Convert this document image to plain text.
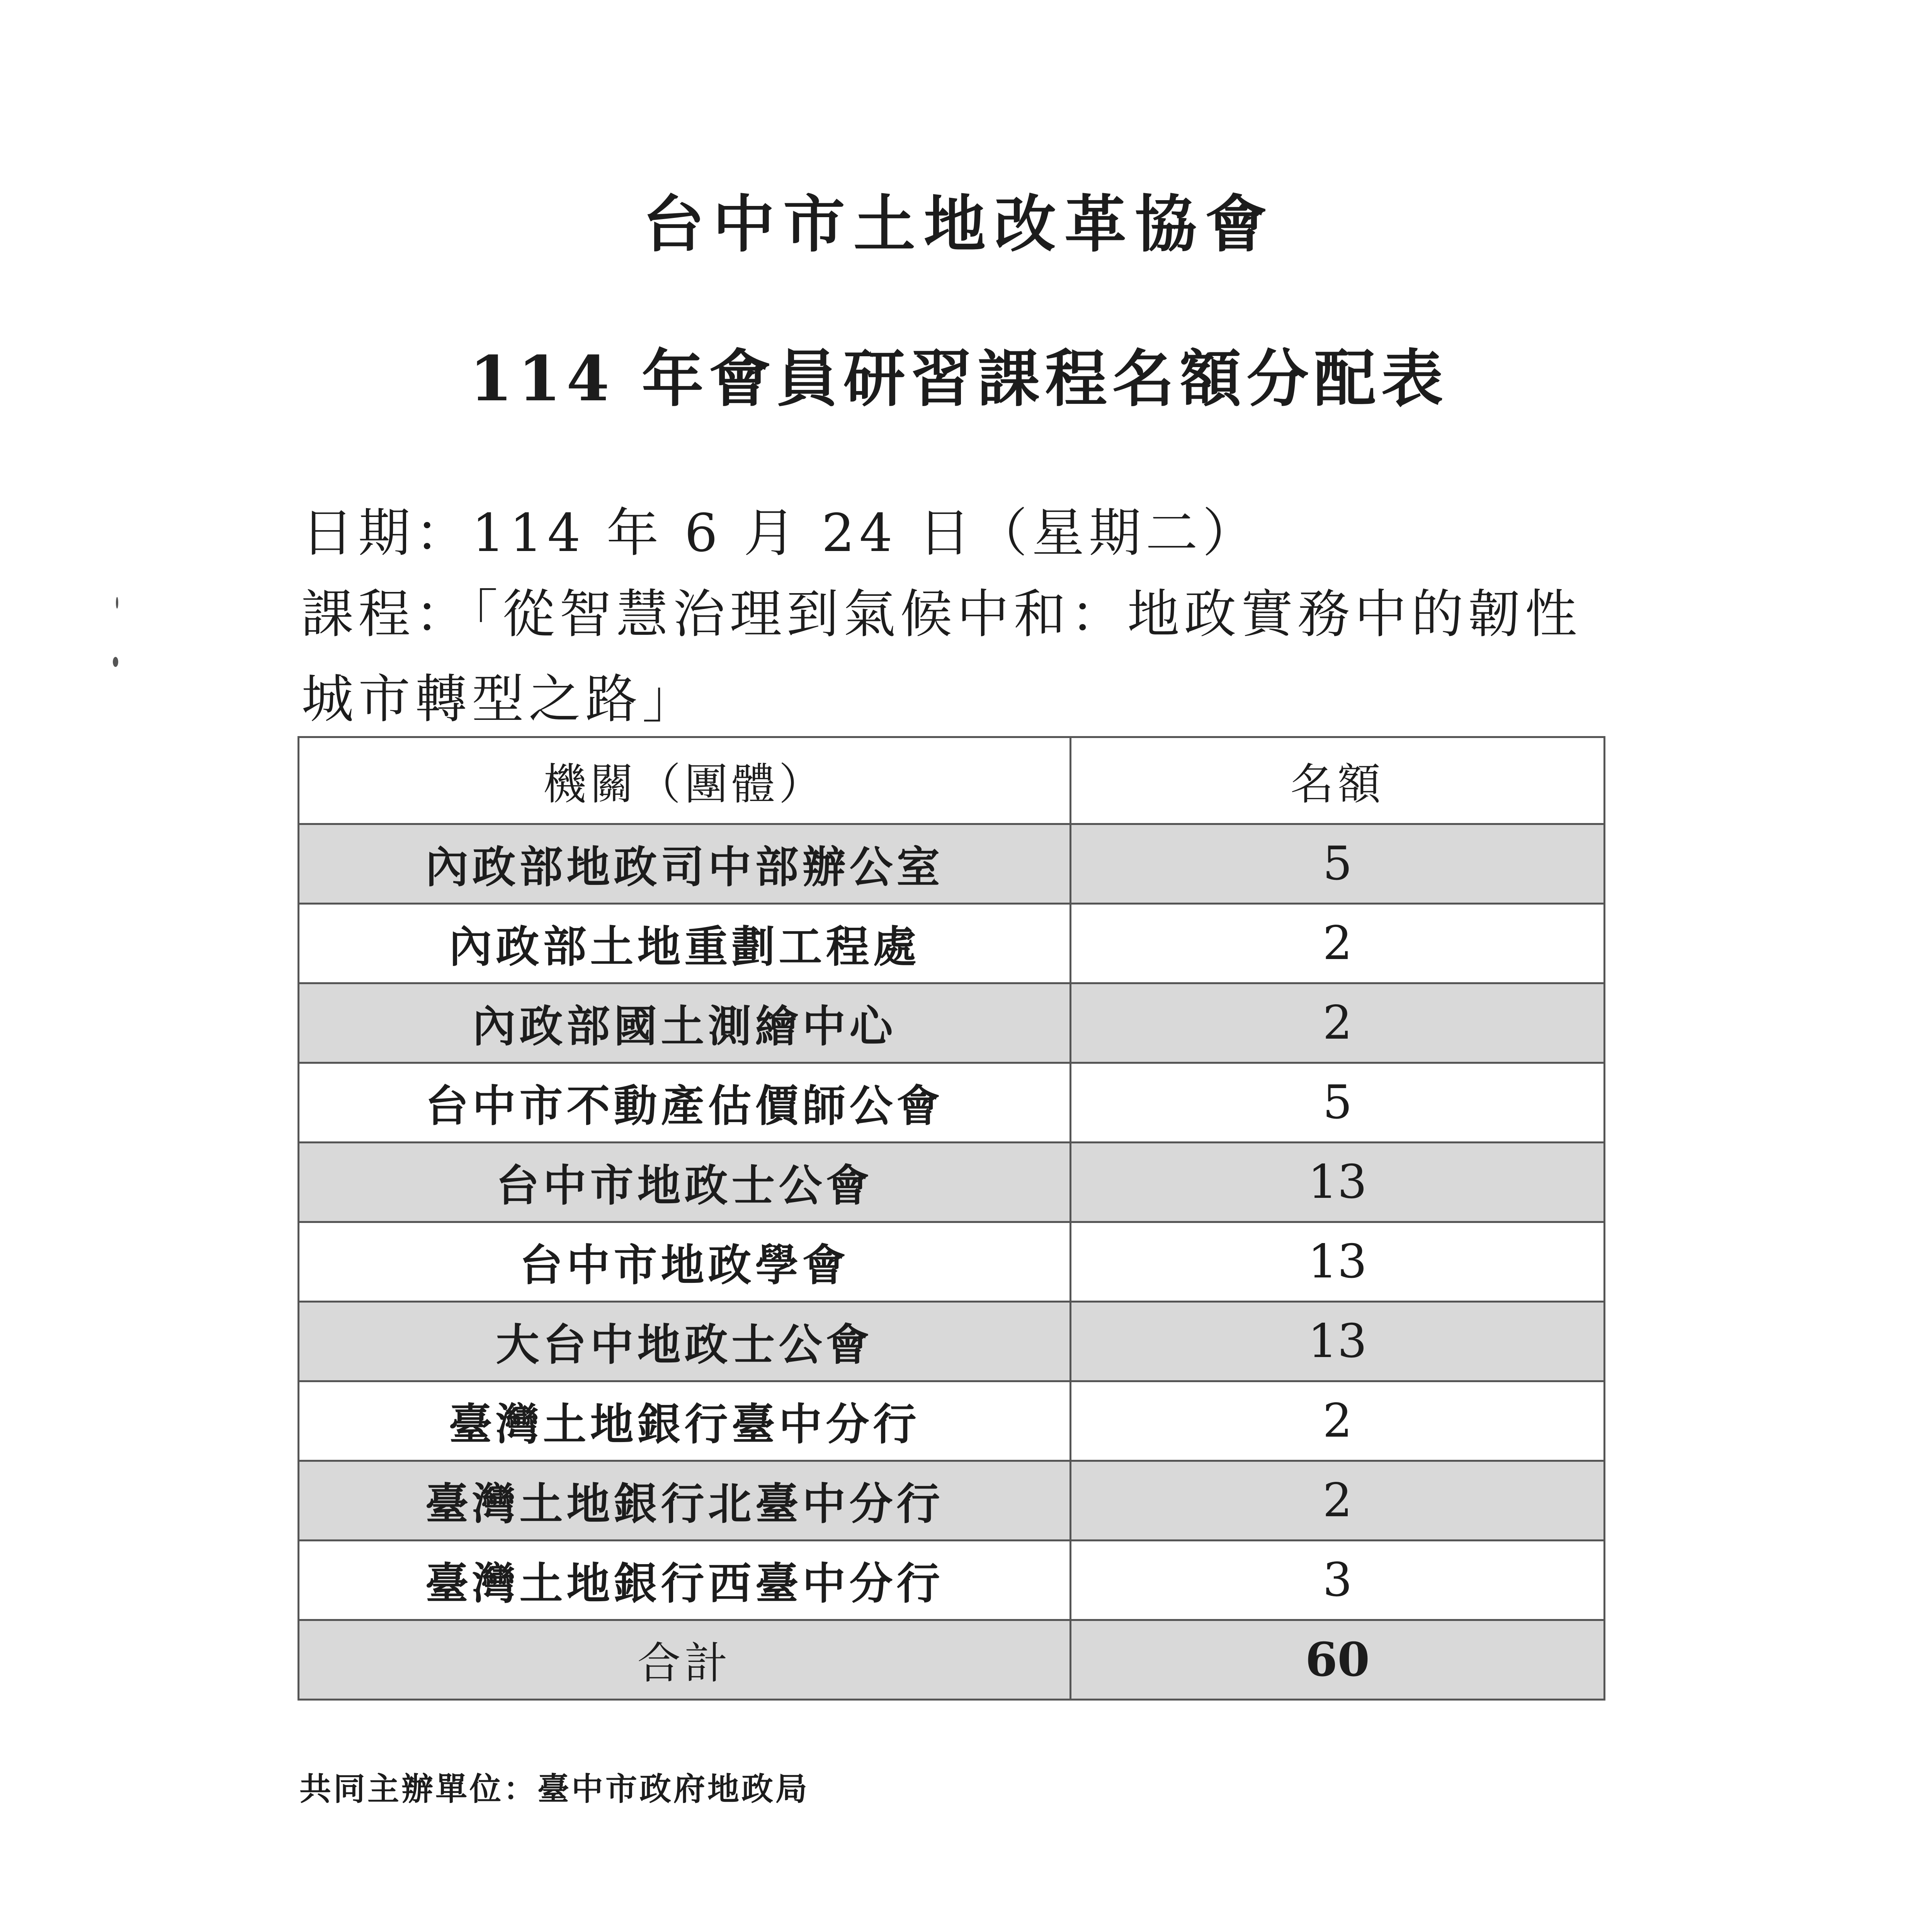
台中市土地改革協會
114 年會員研習課程名額分配表
日期：114 年 6 月 24 日（星期二）
課程：「從智慧治理到氣候中和：地政實務中的韌性
城市轉型之路」
機關（團體）	名額
內政部地政司中部辦公室	5
內政部土地重劃工程處	2
內政部國土測繪中心	2
台中市不動產估價師公會	5
台中市地政士公會	13
台中市地政學會	13
大台中地政士公會	13
臺灣土地銀行臺中分行	2
臺灣土地銀行北臺中分行	2
臺灣土地銀行西臺中分行	3
合計	60
共同主辦單位：臺中市政府地政局
